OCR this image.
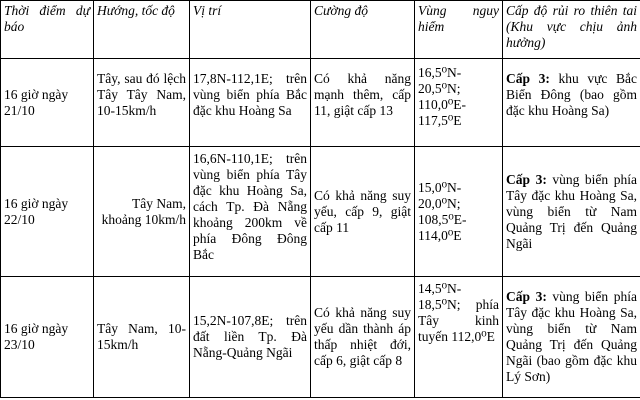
Thời điểm dự báo	Hướng, tốc độ	Vị trí	Cường độ	Vùng nguy hiểm	Cấp độ rủi ro thiên tai (Khu vực chịu ảnh hưởng)
16 giờ ngày 21/10	Tây, sau đó lệch Tây Tây Nam, 10-15km/h	17,8N-112,1E; trên vùng biển phía Bắc đặc khu Hoàng Sa	Có khả năng mạnh thêm, cấp 11, giật cấp 13	16,5⁰N-20,5⁰N; 110,0⁰E-117,5⁰E	Cấp 3: khu vực Bắc Biển Đông (bao gồm đặc khu Hoàng Sa)
16 giờ ngày 22/10	Tây Nam, khoảng 10km/h	16,6N-110,1E; trên vùng biển phía Tây đặc khu Hoàng Sa, cách Tp. Đà Nẵng khoảng 200km về phía Đông Đông Bắc	Có khả năng suy yếu, cấp 9, giật cấp 11	15,0⁰N-20,0⁰N; 108,5⁰E-114,0⁰E	Cấp 3: vùng biển phía Tây đặc khu Hoàng Sa, vùng biển từ Nam Quảng Trị đến Quảng Ngãi
16 giờ ngày 23/10	Tây Nam, 10-15km/h	15,2N-107,8E; trên đất liền Tp. Đà Nẵng-Quảng Ngãi	Có khả năng suy yếu dần thành áp thấp nhiệt đới, cấp 6, giật cấp 8	14,5⁰N-18,5⁰N; phía Tây kinh tuyến 112,0⁰E	Cấp 3: vùng biển phía Tây đặc khu Hoàng Sa, vùng biển từ Nam Quảng Trị đến Quảng Ngãi (bao gồm đặc khu Lý Sơn)
